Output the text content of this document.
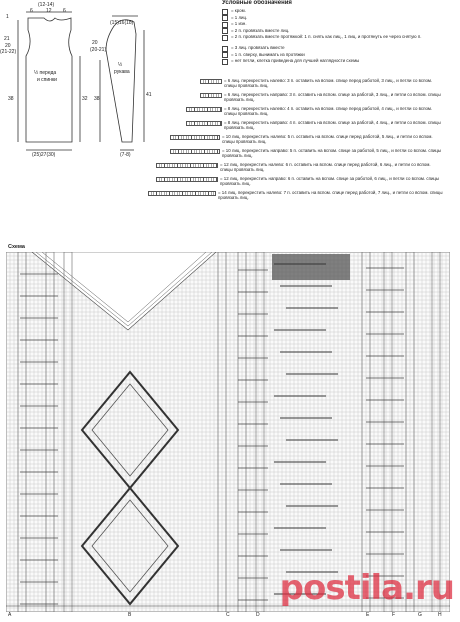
(12-14)
6	12 6
21
20
(21-22)
1
½ переда
и спинки
38	32
(25)27(30)
(15)16(18)
20
(20-21)
½
рукава
38
41
(7-8)
Условные обозначения
= кром.
= 1 лиц.
= 1 изн.
= 2 п. провязать вместе лиц.
= 2 п. провязать вместе протяжкой: 1 п. снять как лиц., 1 лиц. и протянуть ее через снятую п.
= 3 лиц. провязать вместе
= 1 п. сверху, вынимать из протяжки
= нет петли, клетка приведена для лучшей наглядности схемы
= 6 лиц. перекрестить налево: 3 п. оставить на вспом. спице перед работой, 3 лиц., и петли со вспом. спицы провязать лиц.
= 6 лиц. перекрестить направо: 3 п. оставить на вспом. спице за работой, 3 лиц., и петли со вспом. спицы провязать лиц.
= 8 лиц. перекрестить налево: 4 п. оставить на вспом. спице перед работой, 4 лиц., и петли со вспом. спицы провязать лиц.
= 8 лиц. перекрестить направо: 4 п. оставить на вспом. спице за работой, 4 лиц., и петли со вспом. спицы провязать лиц.
= 10 лиц. перекрестить налево: 5 п. оставить на вспом. спице перед работой, 5 лиц., и петли со вспом. спицы провязать лиц.
= 10 лиц. перекрестить направо: 5 п. оставить на вспом. спице за работой, 5 лиц., и петли со вспом. спицы провязать лиц.
= 12 лиц. перекрестить налево: 6 п. оставить на вспом. спице перед работой, 6 лиц., и петли со вспом. спицы провязать лиц.
= 12 лиц. перекрестить направо: 6 п. оставить на вспом. спице за работой, 6 лиц., и петли со вспом. спицы провязать лиц.
= 14 лиц. перекрестить налево: 7 п. оставить на вспом. спице перед работой, 7 лиц., и петли со вспом. спицы провязать лиц.
Схема
A	B	C	D	E	F	G	H
postila.ru
